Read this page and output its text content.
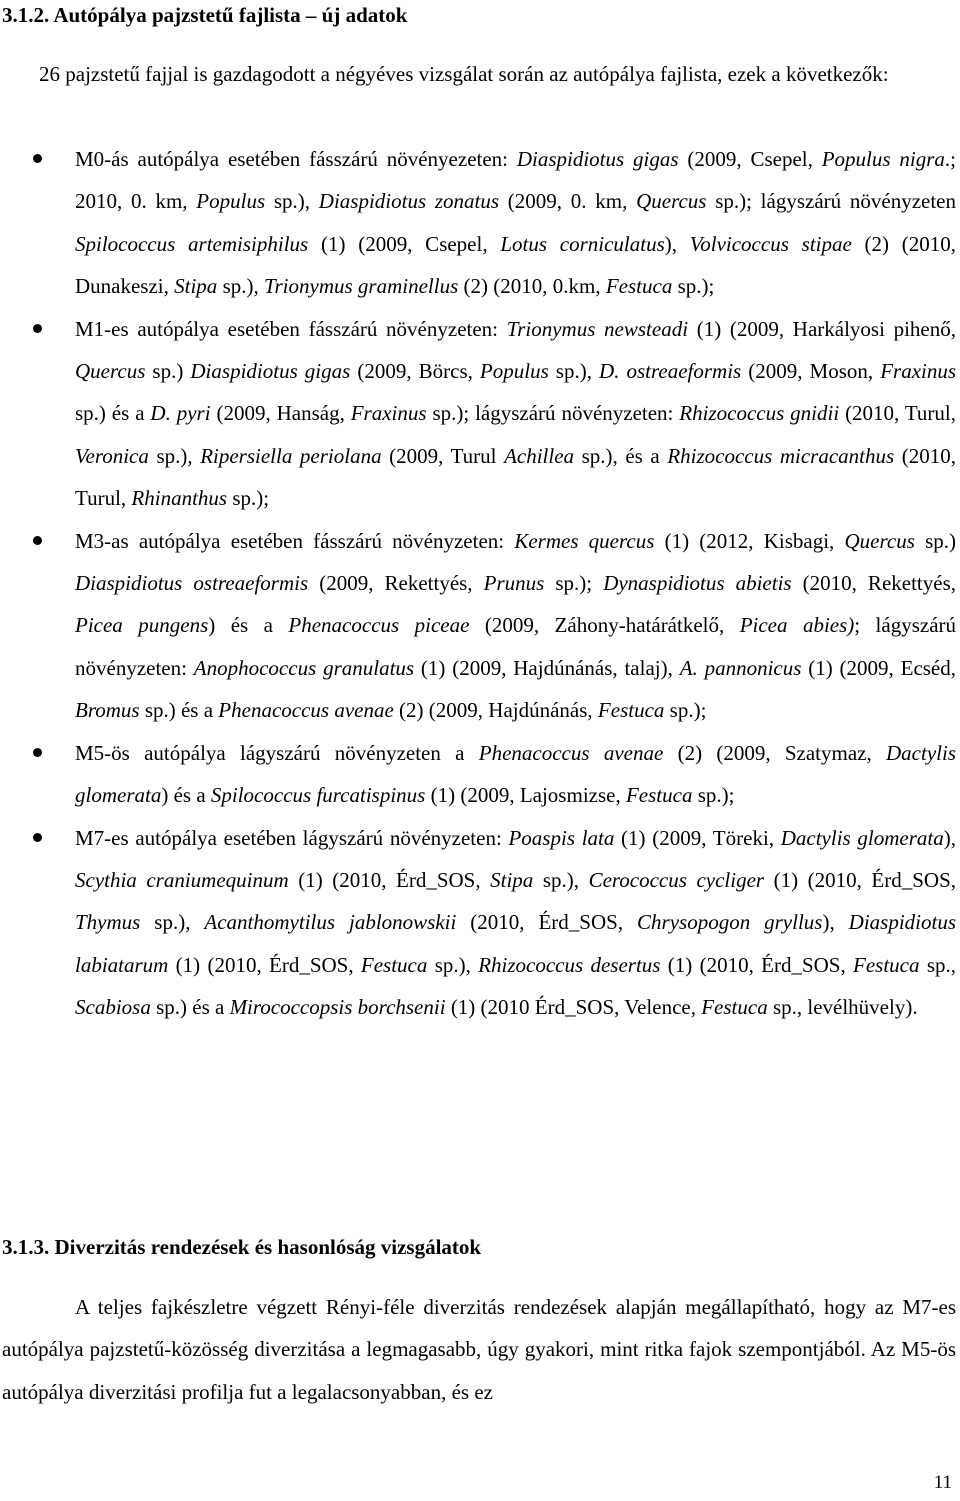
3.1.2. Autópálya pajzstetű fajlista – új adatok
26 pajzstetű fajjal is gazdagodott a négyéves vizsgálat során az autópálya fajlista, ezek a következők:
M0-ás autópálya esetében fásszárú növényezeten: Diaspidiotus gigas (2009, Csepel, Populus nigra.; 2010, 0. km, Populus sp.), Diaspidiotus zonatus (2009, 0. km, Quercus sp.); lágyszárú növényzeten Spilococcus artemisiphilus (1) (2009, Csepel, Lotus corniculatus), Volvicoccus stipae (2) (2010, Dunakeszi, Stipa sp.), Trionymus graminellus (2) (2010, 0.km, Festuca sp.);
M1-es autópálya esetében fásszárú növényzeten: Trionymus newsteadi (1) (2009, Harkályosi pihenő, Quercus sp.) Diaspidiotus gigas (2009, Börcs, Populus sp.), D. ostreaeformis (2009, Moson, Fraxinus sp.) és a D. pyri (2009, Hanság, Fraxinus sp.); lágyszárú növényzeten: Rhizococcus gnidii (2010, Turul, Veronica sp.), Ripersiella periolana (2009, Turul Achillea sp.), és a Rhizococcus micracanthus (2010, Turul, Rhinanthus sp.);
M3-as autópálya esetében fásszárú növényzeten: Kermes quercus (1) (2012, Kisbagi, Quercus sp.) Diaspidiotus ostreaeformis (2009, Rekettyés, Prunus sp.); Dynaspidiotus abietis (2010, Rekettyés, Picea pungens) és a Phenacoccus piceae (2009, Záhony-határátkelő, Picea abies); lágyszárú növényzeten: Anophococcus granulatus (1) (2009, Hajdúnánás, talaj), A. pannonicus (1) (2009, Ecséd, Bromus sp.) és a Phenacoccus avenae (2) (2009, Hajdúnánás, Festuca sp.);
M5-ös autópálya lágyszárú növényzeten a Phenacoccus avenae (2) (2009, Szatymaz, Dactylis glomerata) és a Spilococcus furcatispinus (1) (2009, Lajosmizse, Festuca sp.);
M7-es autópálya esetében lágyszárú növényzeten: Poaspis lata (1) (2009, Töreki, Dactylis glomerata), Scythia craniumequinum (1) (2010, Érd_SOS, Stipa sp.), Cerococcus cycliger (1) (2010, Érd_SOS, Thymus sp.), Acanthomytilus jablonowskii (2010, Érd_SOS, Chrysopogon gryllus), Diaspidiotus labiatarum (1) (2010, Érd_SOS, Festuca sp.), Rhizococcus desertus (1) (2010, Érd_SOS, Festuca sp., Scabiosa sp.) és a Mirococcopsis borchsenii (1) (2010 Érd_SOS, Velence, Festuca sp., levélhüvely).
3.1.3. Diverzitás rendezések és hasonlóság vizsgálatok
A teljes fajkészletre végzett Rényi-féle diverzitás rendezések alapján megállapítható, hogy az M7-es autópálya pajzstetű-közösség diverzitása a legmagasabb, úgy gyakori, mint ritka fajok szempontjából. Az M5-ös autópálya diverzitási profilja fut a legalacsonyabban, és ez
11
